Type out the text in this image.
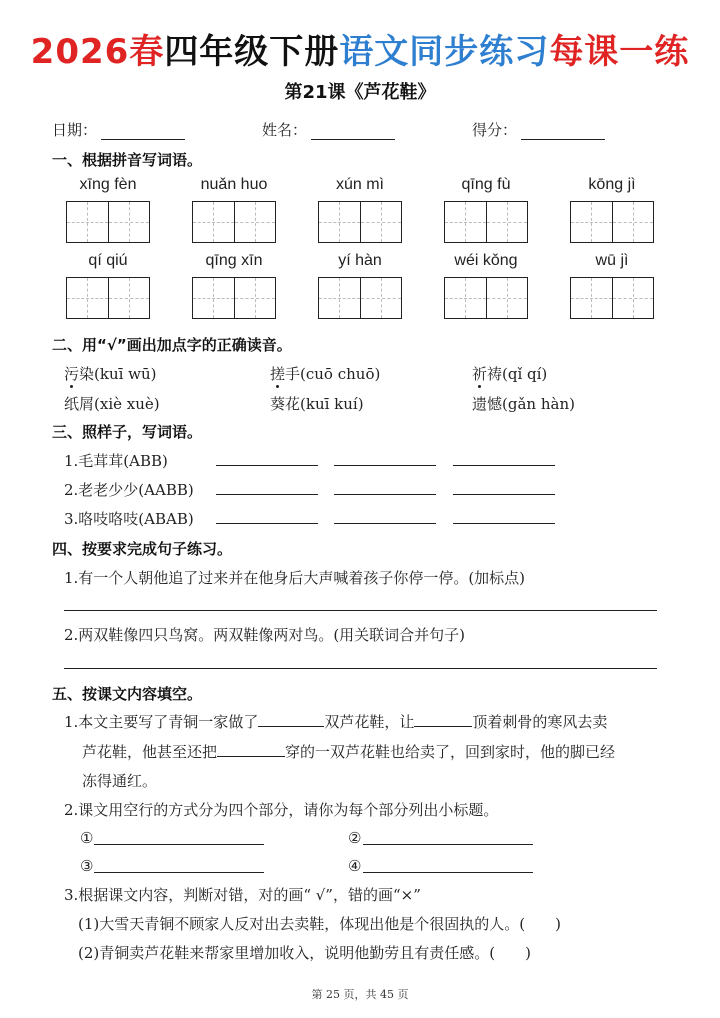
2026春四年级下册语文同步练习每课一练
第21课《芦花鞋》
日期：	姓名：	得分：
一、根据拼音写词语。
xīng fèn	nuǎn huo	xún mì	qīng fù	kōng jì
qí qiú	qīng xīn	yí hàn	wéi kǒng	wū jì
二、用“√”画出加点字的正确读音。
污染(kuī wū)	搓手(cuō chuō)	祈祷(qǐ qí)
纸屑(xiè xuè)	葵花(kuī kuí)	遗憾(gǎn hàn)
三、照样子，写词语。
1.毛茸茸(ABB)
2.老老少少(AABB)
3.咯吱咯吱(ABAB)
四、按要求完成句子练习。
1.有一个人朝他追了过来并在他身后大声喊着孩子你停一停。(加标点)
2.两双鞋像四只鸟窝。两双鞋像两对鸟。(用关联词合并句子)
五、按课文内容填空。
1.本文主要写了青铜一家做了	双芦花鞋，让	顶着刺骨的寒风去卖
芦花鞋，他甚至还把	穿的一双芦花鞋也给卖了，回到家时，他的脚已经
冻得通红。
2.课文用空行的方式分为四个部分，请你为每个部分列出小标题。
①	②
③	④
3.根据课文内容，判断对错，对的画“ √”，错的画“×”
(1)大雪天青铜不顾家人反对出去卖鞋，体现出他是个很固执的人。(　　)
(2)青铜卖芦花鞋来帮家里增加收入，说明他勤劳且有责任感。(　　)
第 25 页，共 45 页
